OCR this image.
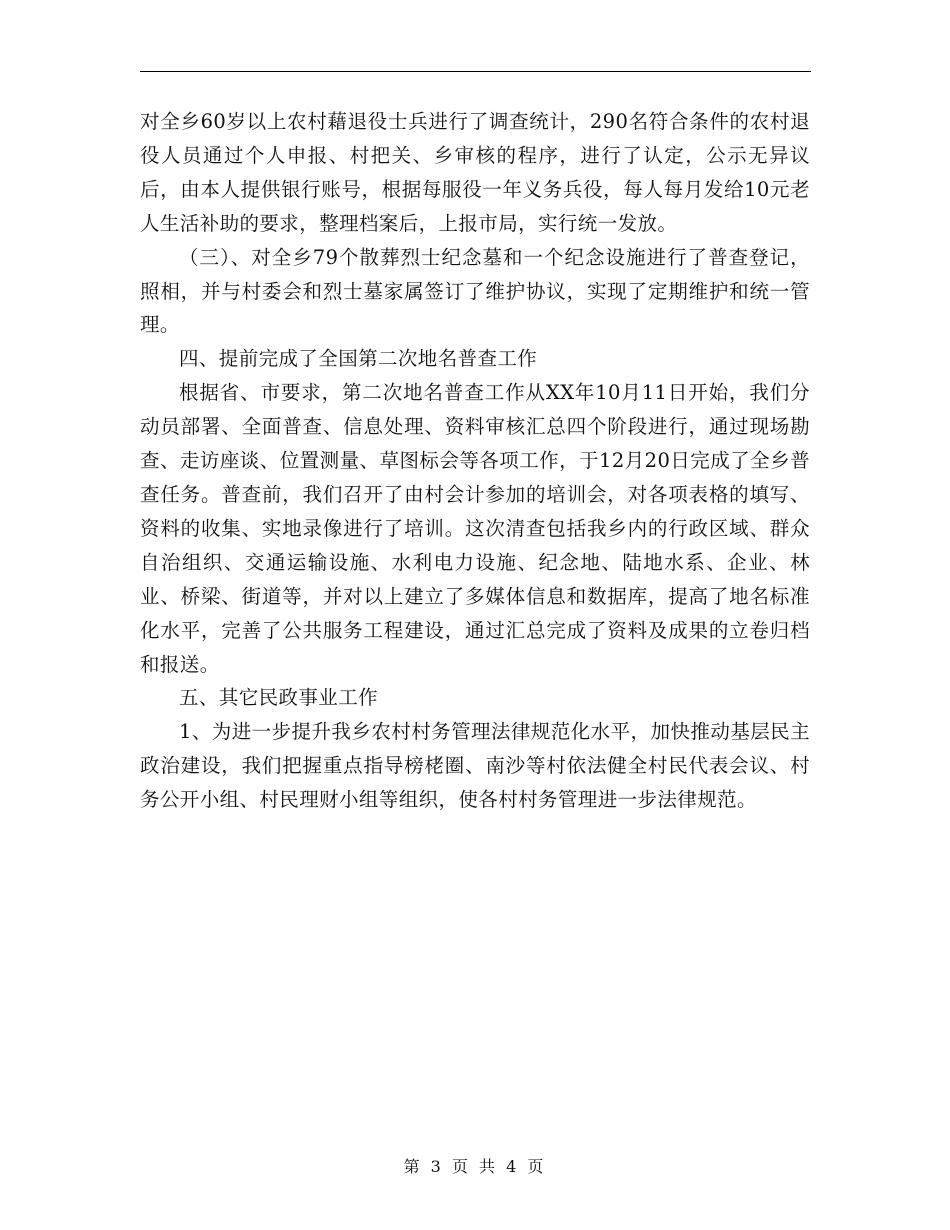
对全乡60岁以上农村藉退役士兵进行了调查统计，290名符合条件的农村退役人员通过个人申报、村把关、乡审核的程序，进行了认定，公示无异议后，由本人提供银行账号，根据每服役一年义务兵役，每人每月发给10元老人生活补助的要求，整理档案后，上报市局，实行统一发放。

（三）、对全乡79个散葬烈士纪念墓和一个纪念设施进行了普查登记，照相，并与村委会和烈士墓家属签订了维护协议，实现了定期维护和统一管理。

四、提前完成了全国第二次地名普查工作

根据省、市要求，第二次地名普查工作从XX年10月11日开始，我们分动员部署、全面普查、信息处理、资料审核汇总四个阶段进行，通过现场勘查、走访座谈、位置测量、草图标会等各项工作，于12月20日完成了全乡普查任务。普查前，我们召开了由村会计参加的培训会，对各项表格的填写、资料的收集、实地录像进行了培训。这次清查包括我乡内的行政区域、群众自治组织、交通运输设施、水利电力设施、纪念地、陆地水系、企业、林业、桥梁、街道等，并对以上建立了多媒体信息和数据库，提高了地名标准化水平，完善了公共服务工程建设，通过汇总完成了资料及成果的立卷归档和报送。

五、其它民政事业工作

1、为进一步提升我乡农村村务管理法律规范化水平，加快推动基层民主政治建设，我们把握重点指导榜栳圈、南沙等村依法健全村民代表会议、村务公开小组、村民理财小组等组织，使各村村务管理进一步法律规范。

第 3 页 共 4 页
